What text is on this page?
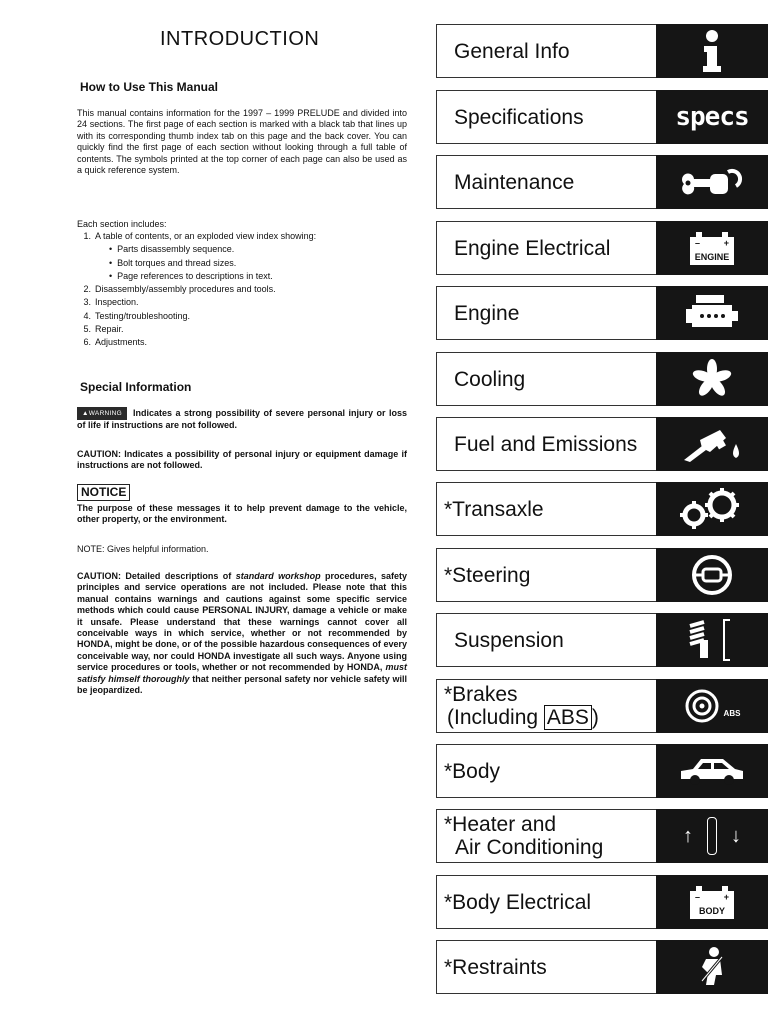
INTRODUCTION
How to Use This Manual
This manual contains information for the 1997 – 1999 PRELUDE and divided into 24 sections. The first page of each section is marked with a black tab that lines up with its corresponding thumb index tab on this page and the back cover. You can quickly find the first page of each section without looking through a full table of contents. The symbols printed at the top corner of each page can also be used as a quick reference system.
Each section includes:
1. A table of contents, or an exploded view index showing:
•  Parts disassembly sequence.
•  Bolt torques and thread sizes.
•  Page references to descriptions in text.
2. Disassembly/assembly procedures and tools.
3. Inspection.
4. Testing/troubleshooting.
5. Repair.
6. Adjustments.
Special Information
▲WARNING Indicates a strong possibility of severe personal injury or loss of life if instructions are not followed.
CAUTION: Indicates a possibility of personal injury or equipment damage if instructions are not followed.
NOTICE
The purpose of these messages it to help prevent damage to the vehicle, other property, or the environment.
NOTE: Gives helpful information.
CAUTION: Detailed descriptions of standard workshop procedures, safety principles and service operations are not included. Please note that this manual contains warnings and cautions against some specific service methods which could cause PERSONAL INJURY, damage a vehicle or make it unsafe. Please understand that these warnings cannot cover all conceivable ways in which service, whether or not recommended by HONDA, might be done, or of the possible hazardous consequences of every conceivable way, nor could HONDA investigate all such ways. Anyone using service procedures or tools, whether or not recommended by HONDA, must satisfy himself thoroughly that neither personal safety nor vehicle safety will be jeopardized.
General Info
Specifications	specs
Maintenance
Engine Electrical	–	+
ENGINE
Engine
Cooling
Fuel and Emissions
*Transaxle
*Steering
Suspension
*Brakes
(Including ABS )	ABS
*Body
*Heater and
Air Conditioning
↑ ↓
*Body Electrical	–	+
BODY
*Restraints
